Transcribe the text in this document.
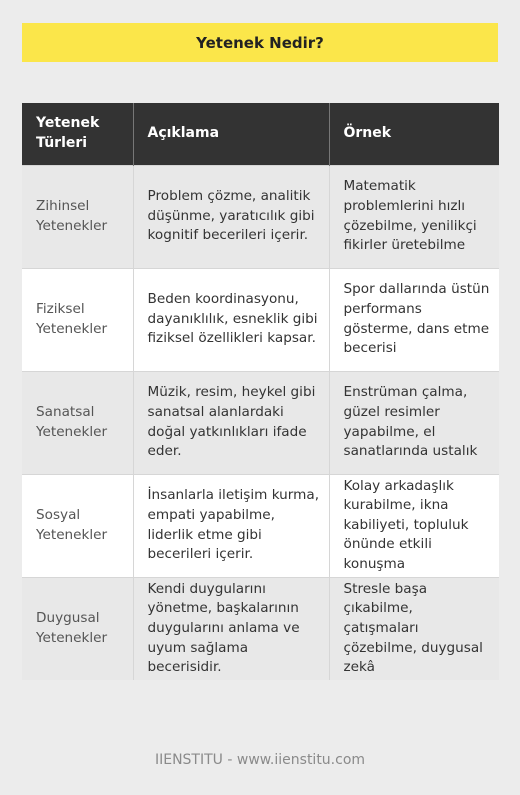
Yetenek Nedir?
Yetenek Türleri	Açıklama	Örnek
Zihinsel Yetenekler	Problem çözme, analitik düşünme, yaratıcılık gibi kognitif becerileri içerir.	Matematik problemlerini hızlı çözebilme, yenilikçi fikirler üretebilme
Fiziksel Yetenekler	Beden koordinasyonu, dayanıklılık, esneklik gibi fiziksel özellikleri kapsar.	Spor dallarında üstün performans gösterme, dans etme becerisi
Sanatsal Yetenekler	Müzik, resim, heykel gibi sanatsal alanlardaki doğal yatkınlıkları ifade eder.	Enstrüman çalma, güzel resimler yapabilme, el sanatlarında ustalık
Sosyal Yetenekler	İnsanlarla iletişim kurma, empati yapabilme, liderlik etme gibi becerileri içerir.	Kolay arkadaşlık kurabilme, ikna kabiliyeti, topluluk önünde etkili konuşma
Duygusal Yetenekler	Kendi duygularını yönetme, başkalarının duygularını anlama ve uyum sağlama becerisidir.	Stresle başa çıkabilme, çatışmaları çözebilme, duygusal zekâ
IIENSTITU - www.iienstitu.com
